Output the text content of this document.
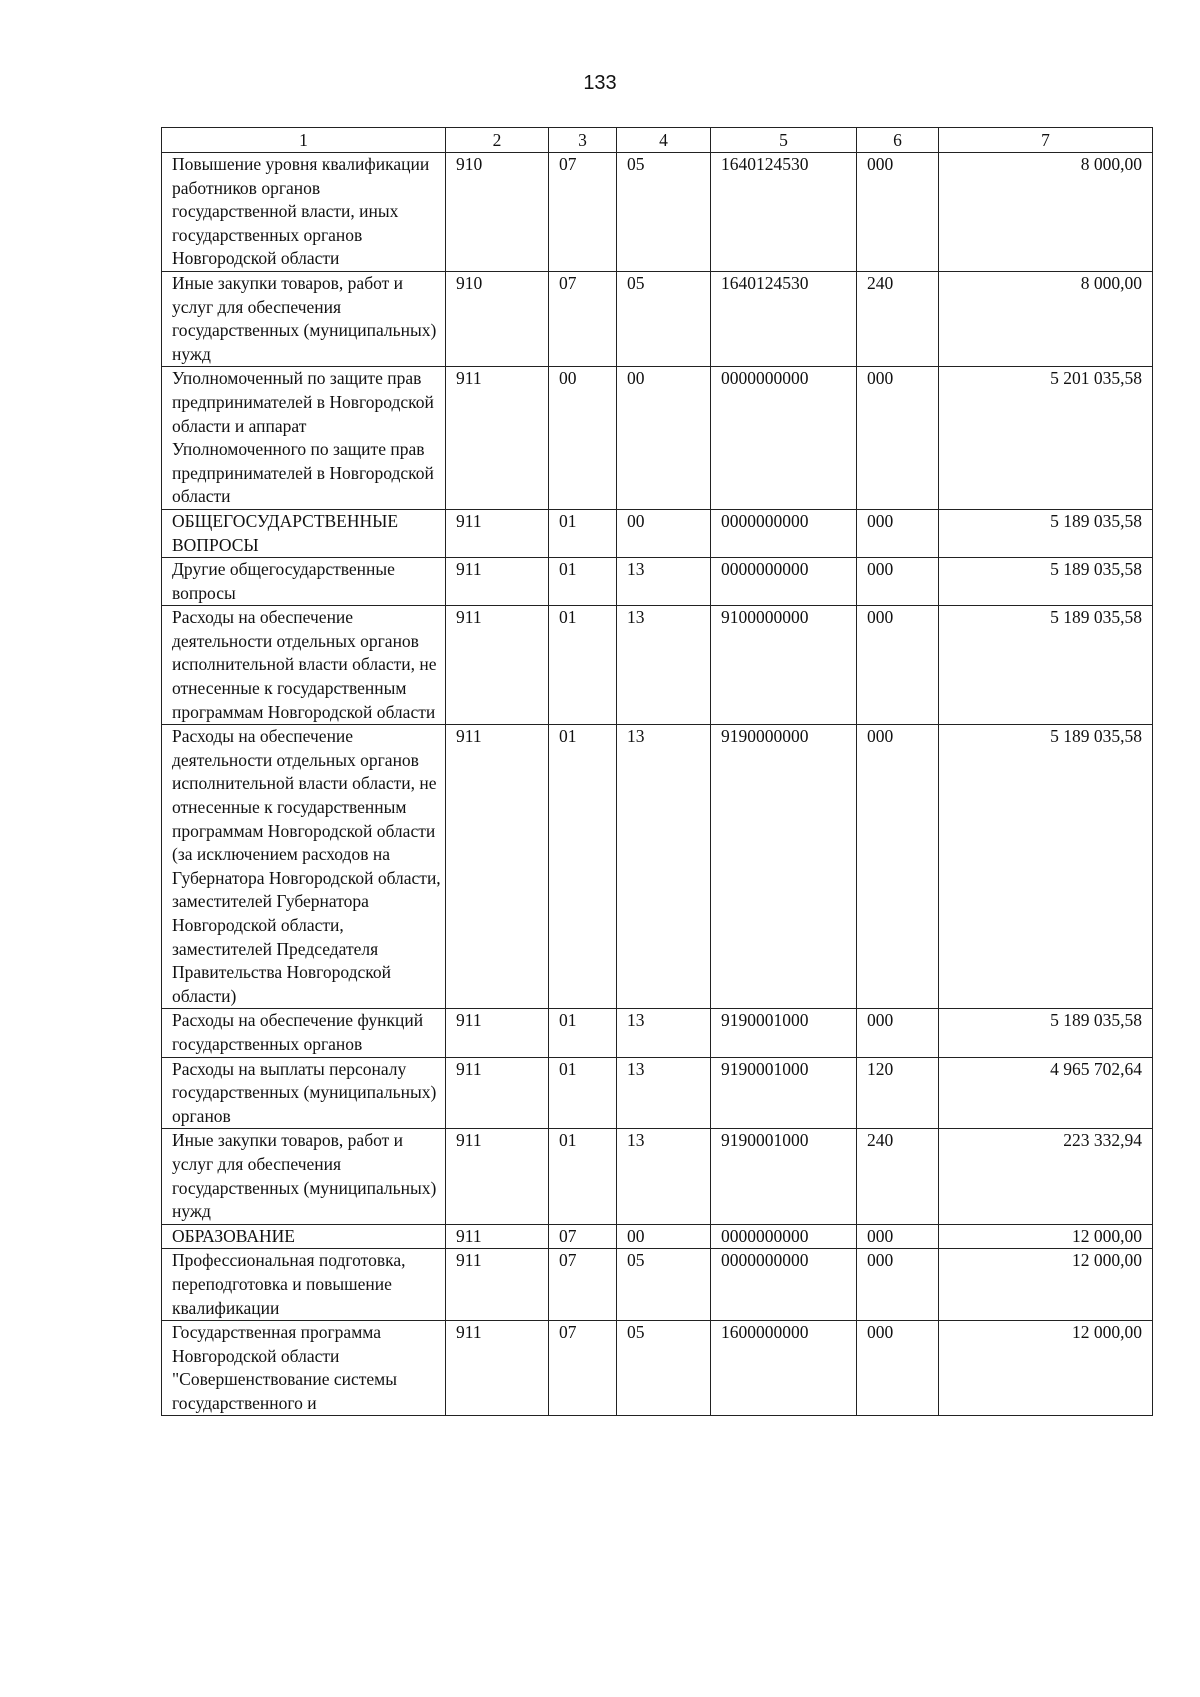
133
1	2	3	4	5	6	7
Повышение уровня квалификации работников органов государственной власти, иных государственных органов Новгородской области	910	07	05	1640124530	000	8 000,00
Иные закупки товаров, работ и услуг для обеспечения государственных (муниципальных) нужд	910	07	05	1640124530	240	8 000,00
Уполномоченный по защите прав предпринимателей в Новгородской области и аппарат Уполномоченного по защите прав предпринимателей в Новгородской области	911	00	00	0000000000	000	5 201 035,58
ОБЩЕГОСУДАРСТВЕННЫЕ ВОПРОСЫ	911	01	00	0000000000	000	5 189 035,58
Другие общегосударственные вопросы	911	01	13	0000000000	000	5 189 035,58
Расходы на обеспечение деятельности отдельных органов исполнительной власти области, не отнесенные к государственным программам Новгородской области	911	01	13	9100000000	000	5 189 035,58
Расходы на обеспечение деятельности отдельных органов исполнительной власти области, не отнесенные к государственным программам Новгородской области (за исключением расходов на Губернатора Новгородской области, заместителей Губернатора Новгородской области, заместителей Председателя Правительства Новгородской области)	911	01	13	9190000000	000	5 189 035,58
Расходы на обеспечение функций государственных органов	911	01	13	9190001000	000	5 189 035,58
Расходы на выплаты персоналу государственных (муниципальных) органов	911	01	13	9190001000	120	4 965 702,64
Иные закупки товаров, работ и услуг для обеспечения государственных (муниципальных) нужд	911	01	13	9190001000	240	223 332,94
ОБРАЗОВАНИЕ	911	07	00	0000000000	000	12 000,00
Профессиональная подготовка, переподготовка и повышение квалификации	911	07	05	0000000000	000	12 000,00
Государственная программа Новгородской области "Совершенствование системы государственного и	911	07	05	1600000000	000	12 000,00
